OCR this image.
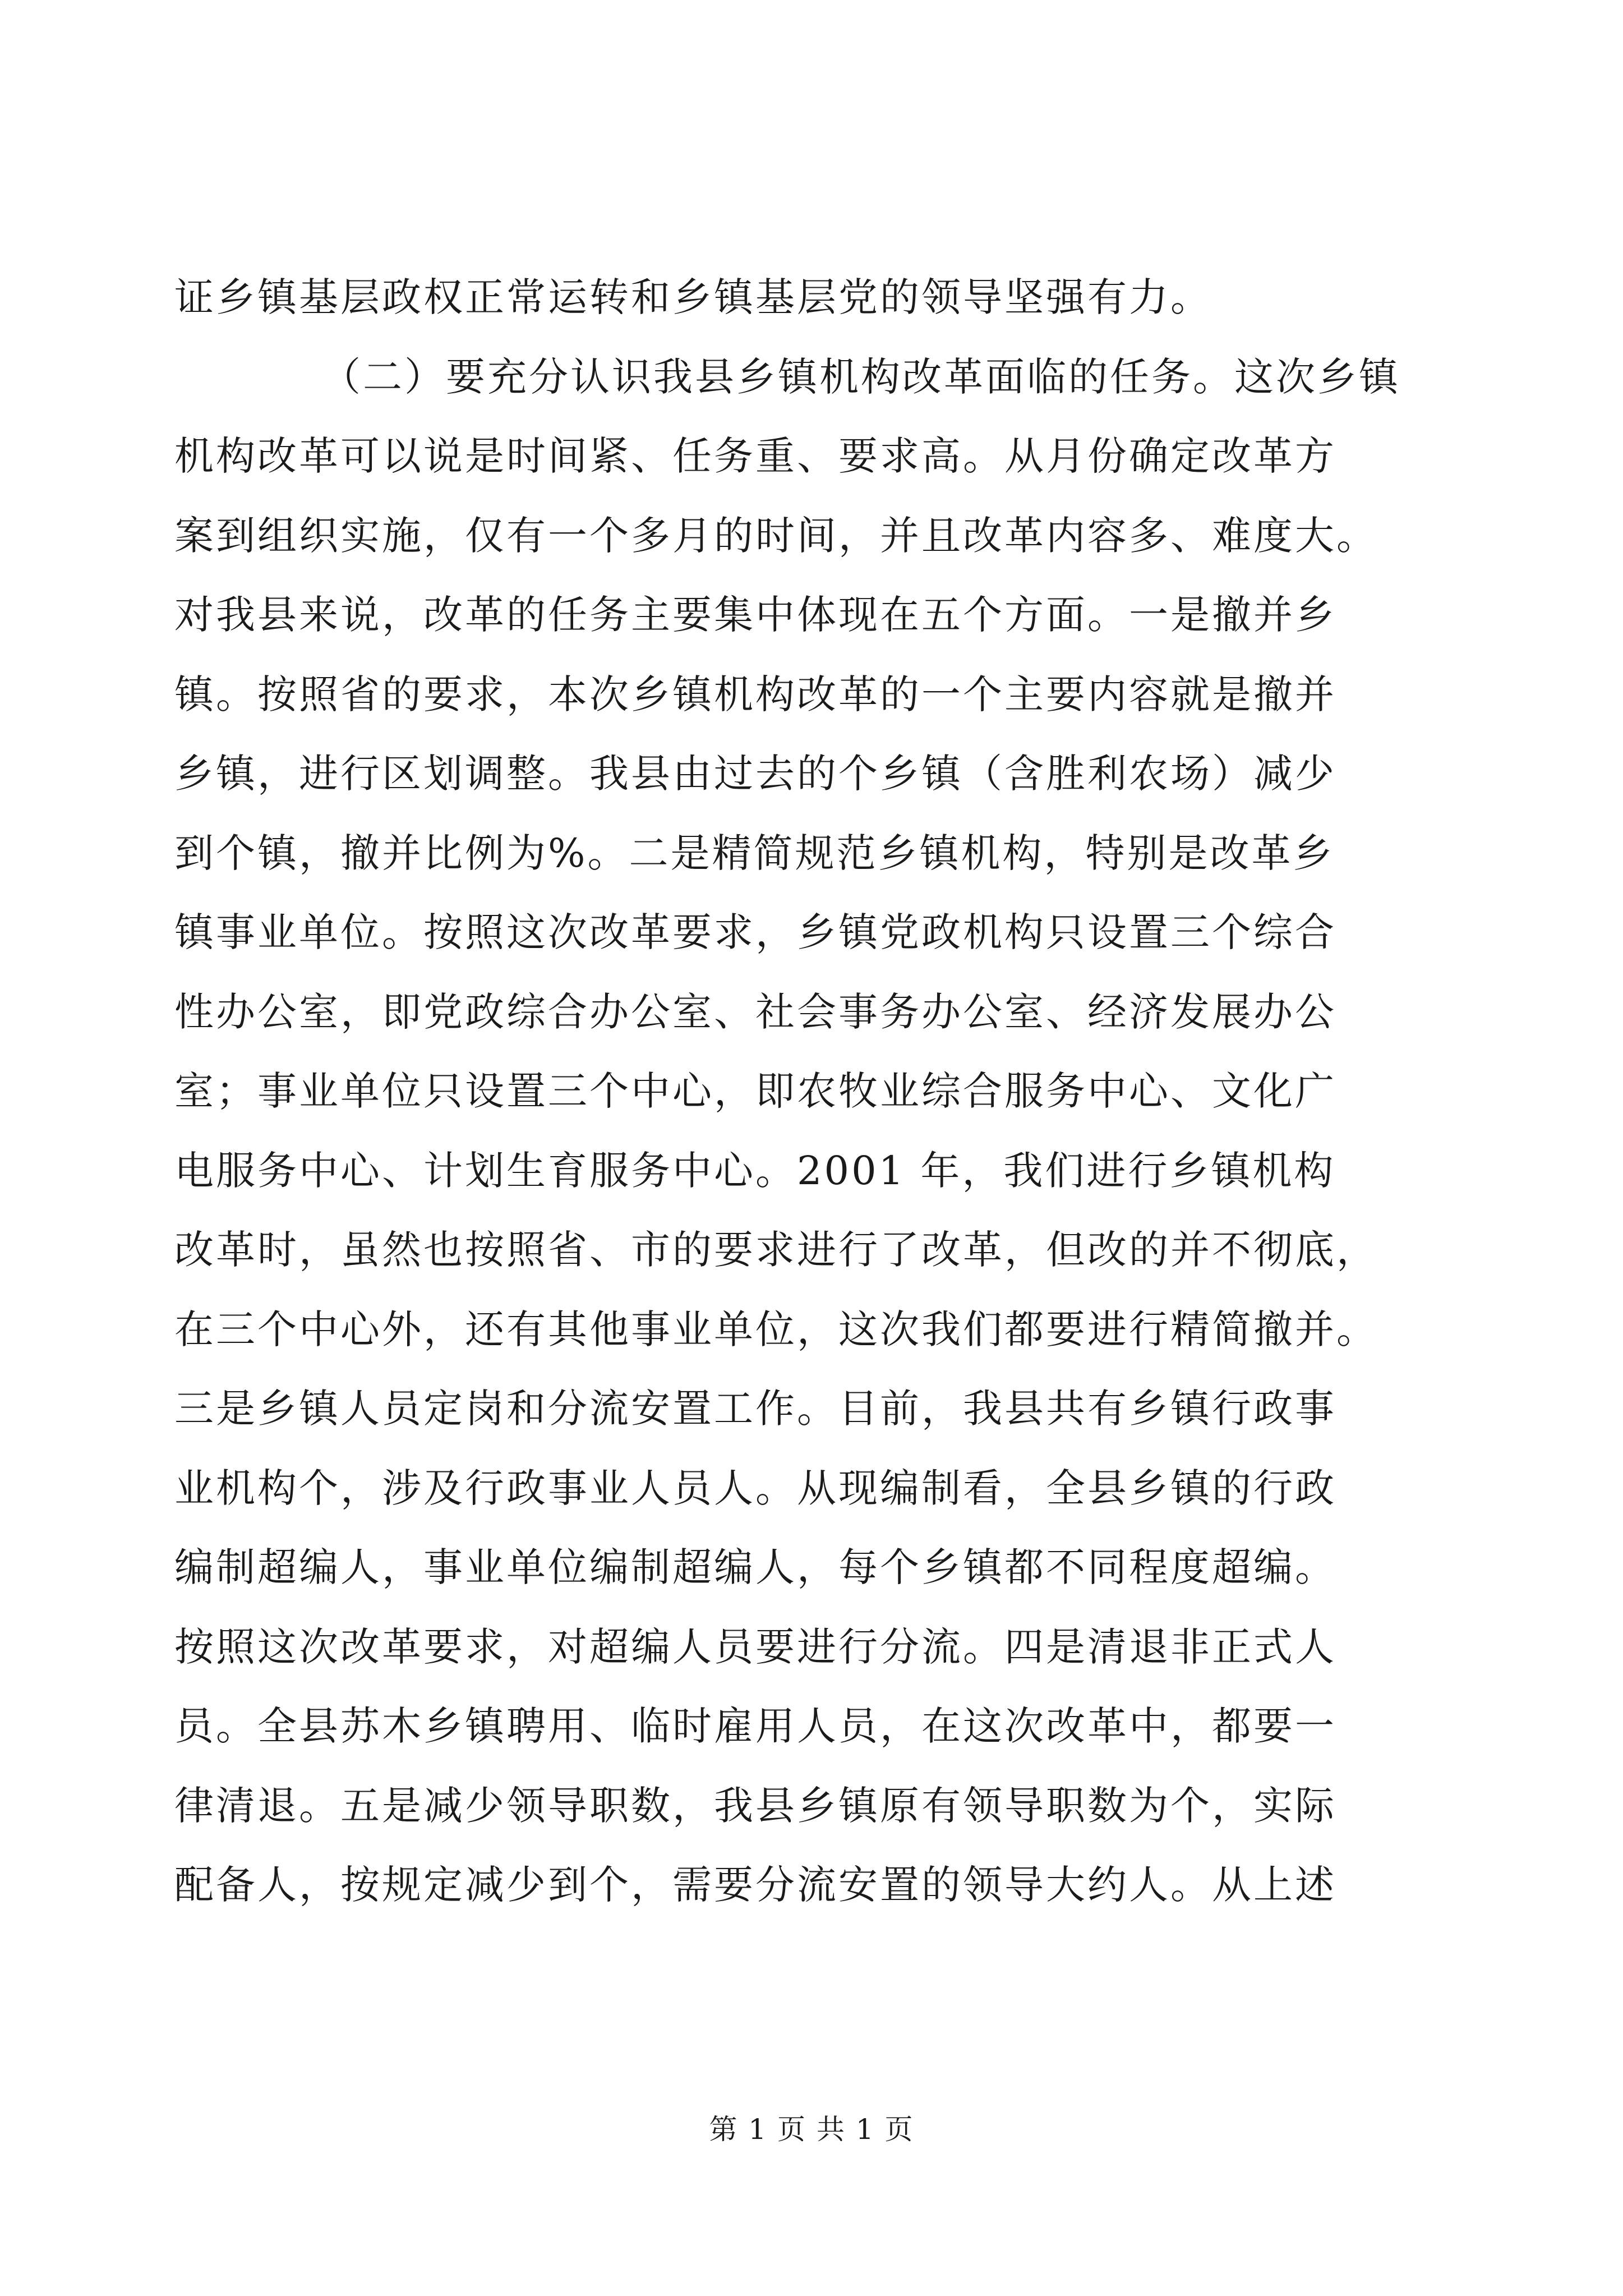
证乡镇基层政权正常运转和乡镇基层党的领导坚强有力。
（二）要充分认识我县乡镇机构改革面临的任务。这次乡镇
机构改革可以说是时间紧、任务重、要求高。从月份确定改革方
案到组织实施，仅有一个多月的时间，并且改革内容多、难度大。
对我县来说，改革的任务主要集中体现在五个方面。一是撤并乡
镇。按照省的要求，本次乡镇机构改革的一个主要内容就是撤并
乡镇，进行区划调整。我县由过去的个乡镇（含胜利农场）减少
到个镇，撤并比例为%。二是精简规范乡镇机构，特别是改革乡
镇事业单位。按照这次改革要求，乡镇党政机构只设置三个综合
性办公室，即党政综合办公室、社会事务办公室、经济发展办公
室；事业单位只设置三个中心，即农牧业综合服务中心、文化广
电服务中心、计划生育服务中心。2001 年，我们进行乡镇机构
改革时，虽然也按照省、市的要求进行了改革，但改的并不彻底，
在三个中心外，还有其他事业单位，这次我们都要进行精简撤并。
三是乡镇人员定岗和分流安置工作。目前，我县共有乡镇行政事
业机构个，涉及行政事业人员人。从现编制看，全县乡镇的行政
编制超编人，事业单位编制超编人，每个乡镇都不同程度超编。
按照这次改革要求，对超编人员要进行分流。四是清退非正式人
员。全县苏木乡镇聘用、临时雇用人员，在这次改革中，都要一
律清退。五是减少领导职数，我县乡镇原有领导职数为个，实际
配备人，按规定减少到个，需要分流安置的领导大约人。从上述
第 1 页 共 1 页
